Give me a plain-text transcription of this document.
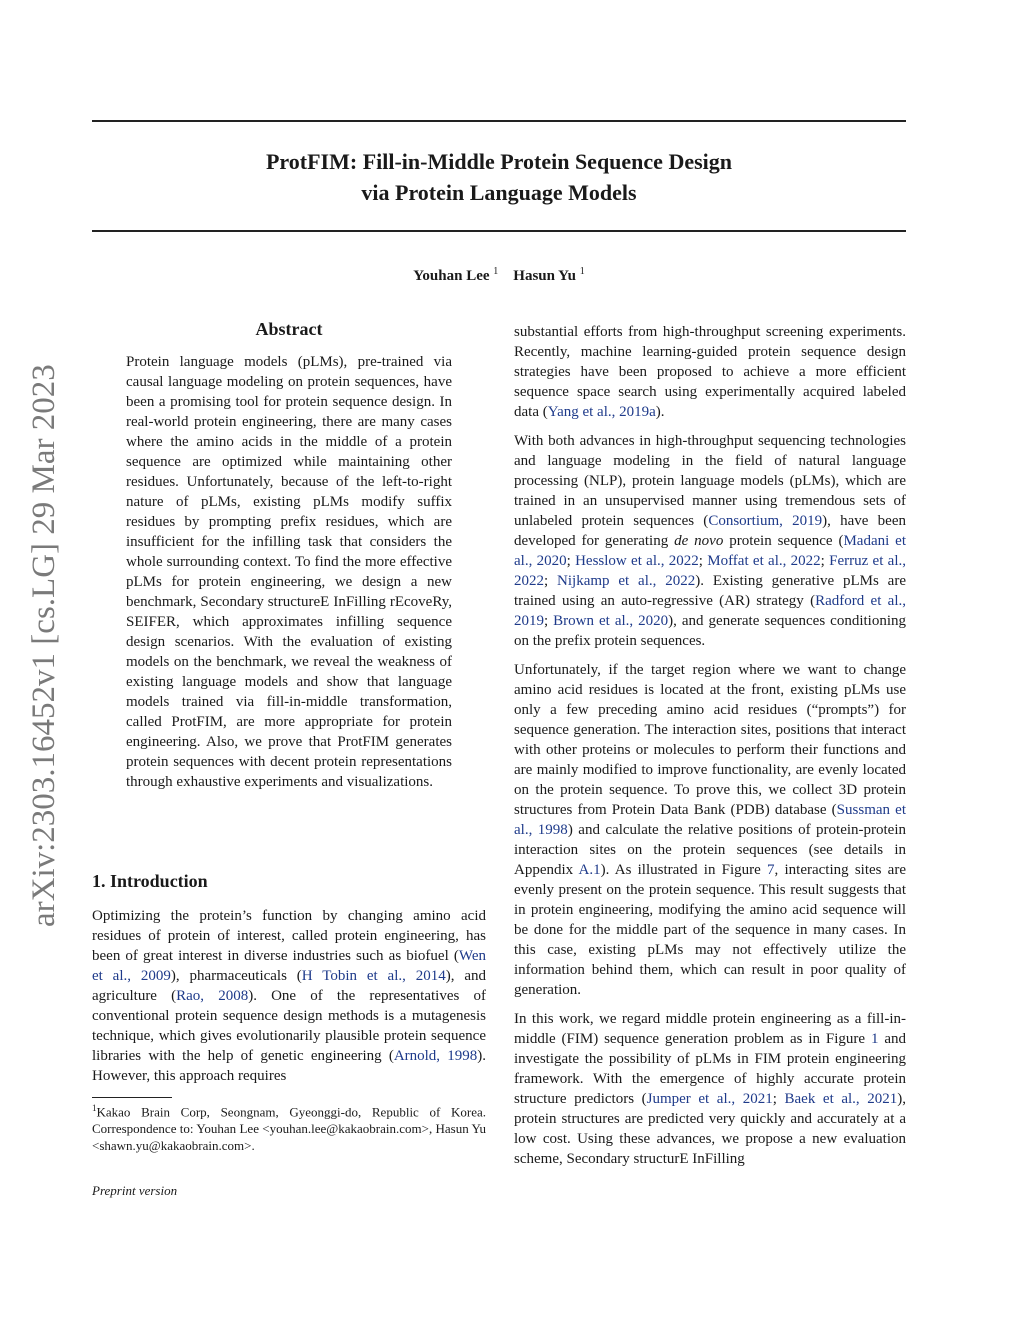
arXiv:2303.16452v1 [cs.LG] 29 Mar 2023
ProtFIM: Fill-in-Middle Protein Sequence Design
via Protein Language Models
Youhan Lee $^1$ Hasun Yu $^1$
Abstract

Protein language models (pLMs), pre-trained via causal language modeling on protein sequences, have been a promising tool for protein sequence design. In real-world protein engineering, there are many cases where the amino acids in the middle of a protein sequence are optimized while maintaining other residues. Unfortunately, because of the left-to-right nature of pLMs, existing pLMs modify suffix residues by prompting prefix residues, which are insufficient for the infilling task that considers the whole surrounding context. To find the more effective pLMs for protein engineering, we design a new benchmark, Secondary structureE InFilling rEcoveRy, SEIFER, which approximates infilling sequence design scenarios. With the evaluation of existing models on the benchmark, we reveal the weakness of existing language models and show that language models trained via fill-in-middle transformation, called ProtFIM, are more appropriate for protein engineering. Also, we prove that ProtFIM generates protein sequences with decent protein representations through exhaustive experiments and visualizations.

1. Introduction

Optimizing the protein’s function by changing amino acid residues of protein of interest, called protein engineering, has been of great interest in diverse industries such as biofuel (Wen et al., 2009), pharmaceuticals (H Tobin et al., 2014), and agriculture (Rao, 2008). One of the representatives of conventional protein sequence design methods is a mutagenesis technique, which gives evolutionarily plausible protein sequence libraries with the help of genetic engineering (Arnold, 1998). However, this approach requires

$^1$Kakao Brain Corp, Seongnam, Gyeonggi-do, Republic of Korea. Correspondence to: Youhan Lee <youhan.lee@kakaobrain.com>, Hasun Yu <shawn.yu@kakaobrain.com>.

Preprint version

substantial efforts from high-throughput screening experiments. Recently, machine learning-guided protein sequence design strategies have been proposed to achieve a more efficient sequence space search using experimentally acquired labeled data (Yang et al., 2019a).

With both advances in high-throughput sequencing technologies and language modeling in the field of natural language processing (NLP), protein language models (pLMs), which are trained in an unsupervised manner using tremendous sets of unlabeled protein sequences (Consortium, 2019), have been developed for generating de novo protein sequence (Madani et al., 2020; Hesslow et al., 2022; Moffat et al., 2022; Ferruz et al., 2022; Nijkamp et al., 2022). Existing generative pLMs are trained using an auto-regressive (AR) strategy (Radford et al., 2019; Brown et al., 2020), and generate sequences conditioning on the prefix protein sequences.

Unfortunately, if the target region where we want to change amino acid residues is located at the front, existing pLMs use only a few preceding amino acid residues (“prompts”) for sequence generation. The interaction sites, positions that interact with other proteins or molecules to perform their functions and are mainly modified to improve functionality, are evenly located on the protein sequence. To prove this, we collect 3D protein structures from Protein Data Bank (PDB) database (Sussman et al., 1998) and calculate the relative positions of protein-protein interaction sites on the protein sequences (see details in Appendix A.1). As illustrated in Figure 7, interacting sites are evenly present on the protein sequence. This result suggests that in protein engineering, modifying the amino acid sequence will be done for the middle part of the sequence in many cases. In this case, existing pLMs may not effectively utilize the information behind them, which can result in poor quality of generation.

In this work, we regard middle protein engineering as a fill-in-middle (FIM) sequence generation problem as in Figure 1 and investigate the possibility of pLMs in FIM protein engineering framework. With the emergence of highly accurate protein structure predictors (Jumper et al., 2021; Baek et al., 2021), protein structures are predicted very quickly and accurately at a low cost. Using these advances, we propose a new evaluation scheme, Secondary structurE InFilling
